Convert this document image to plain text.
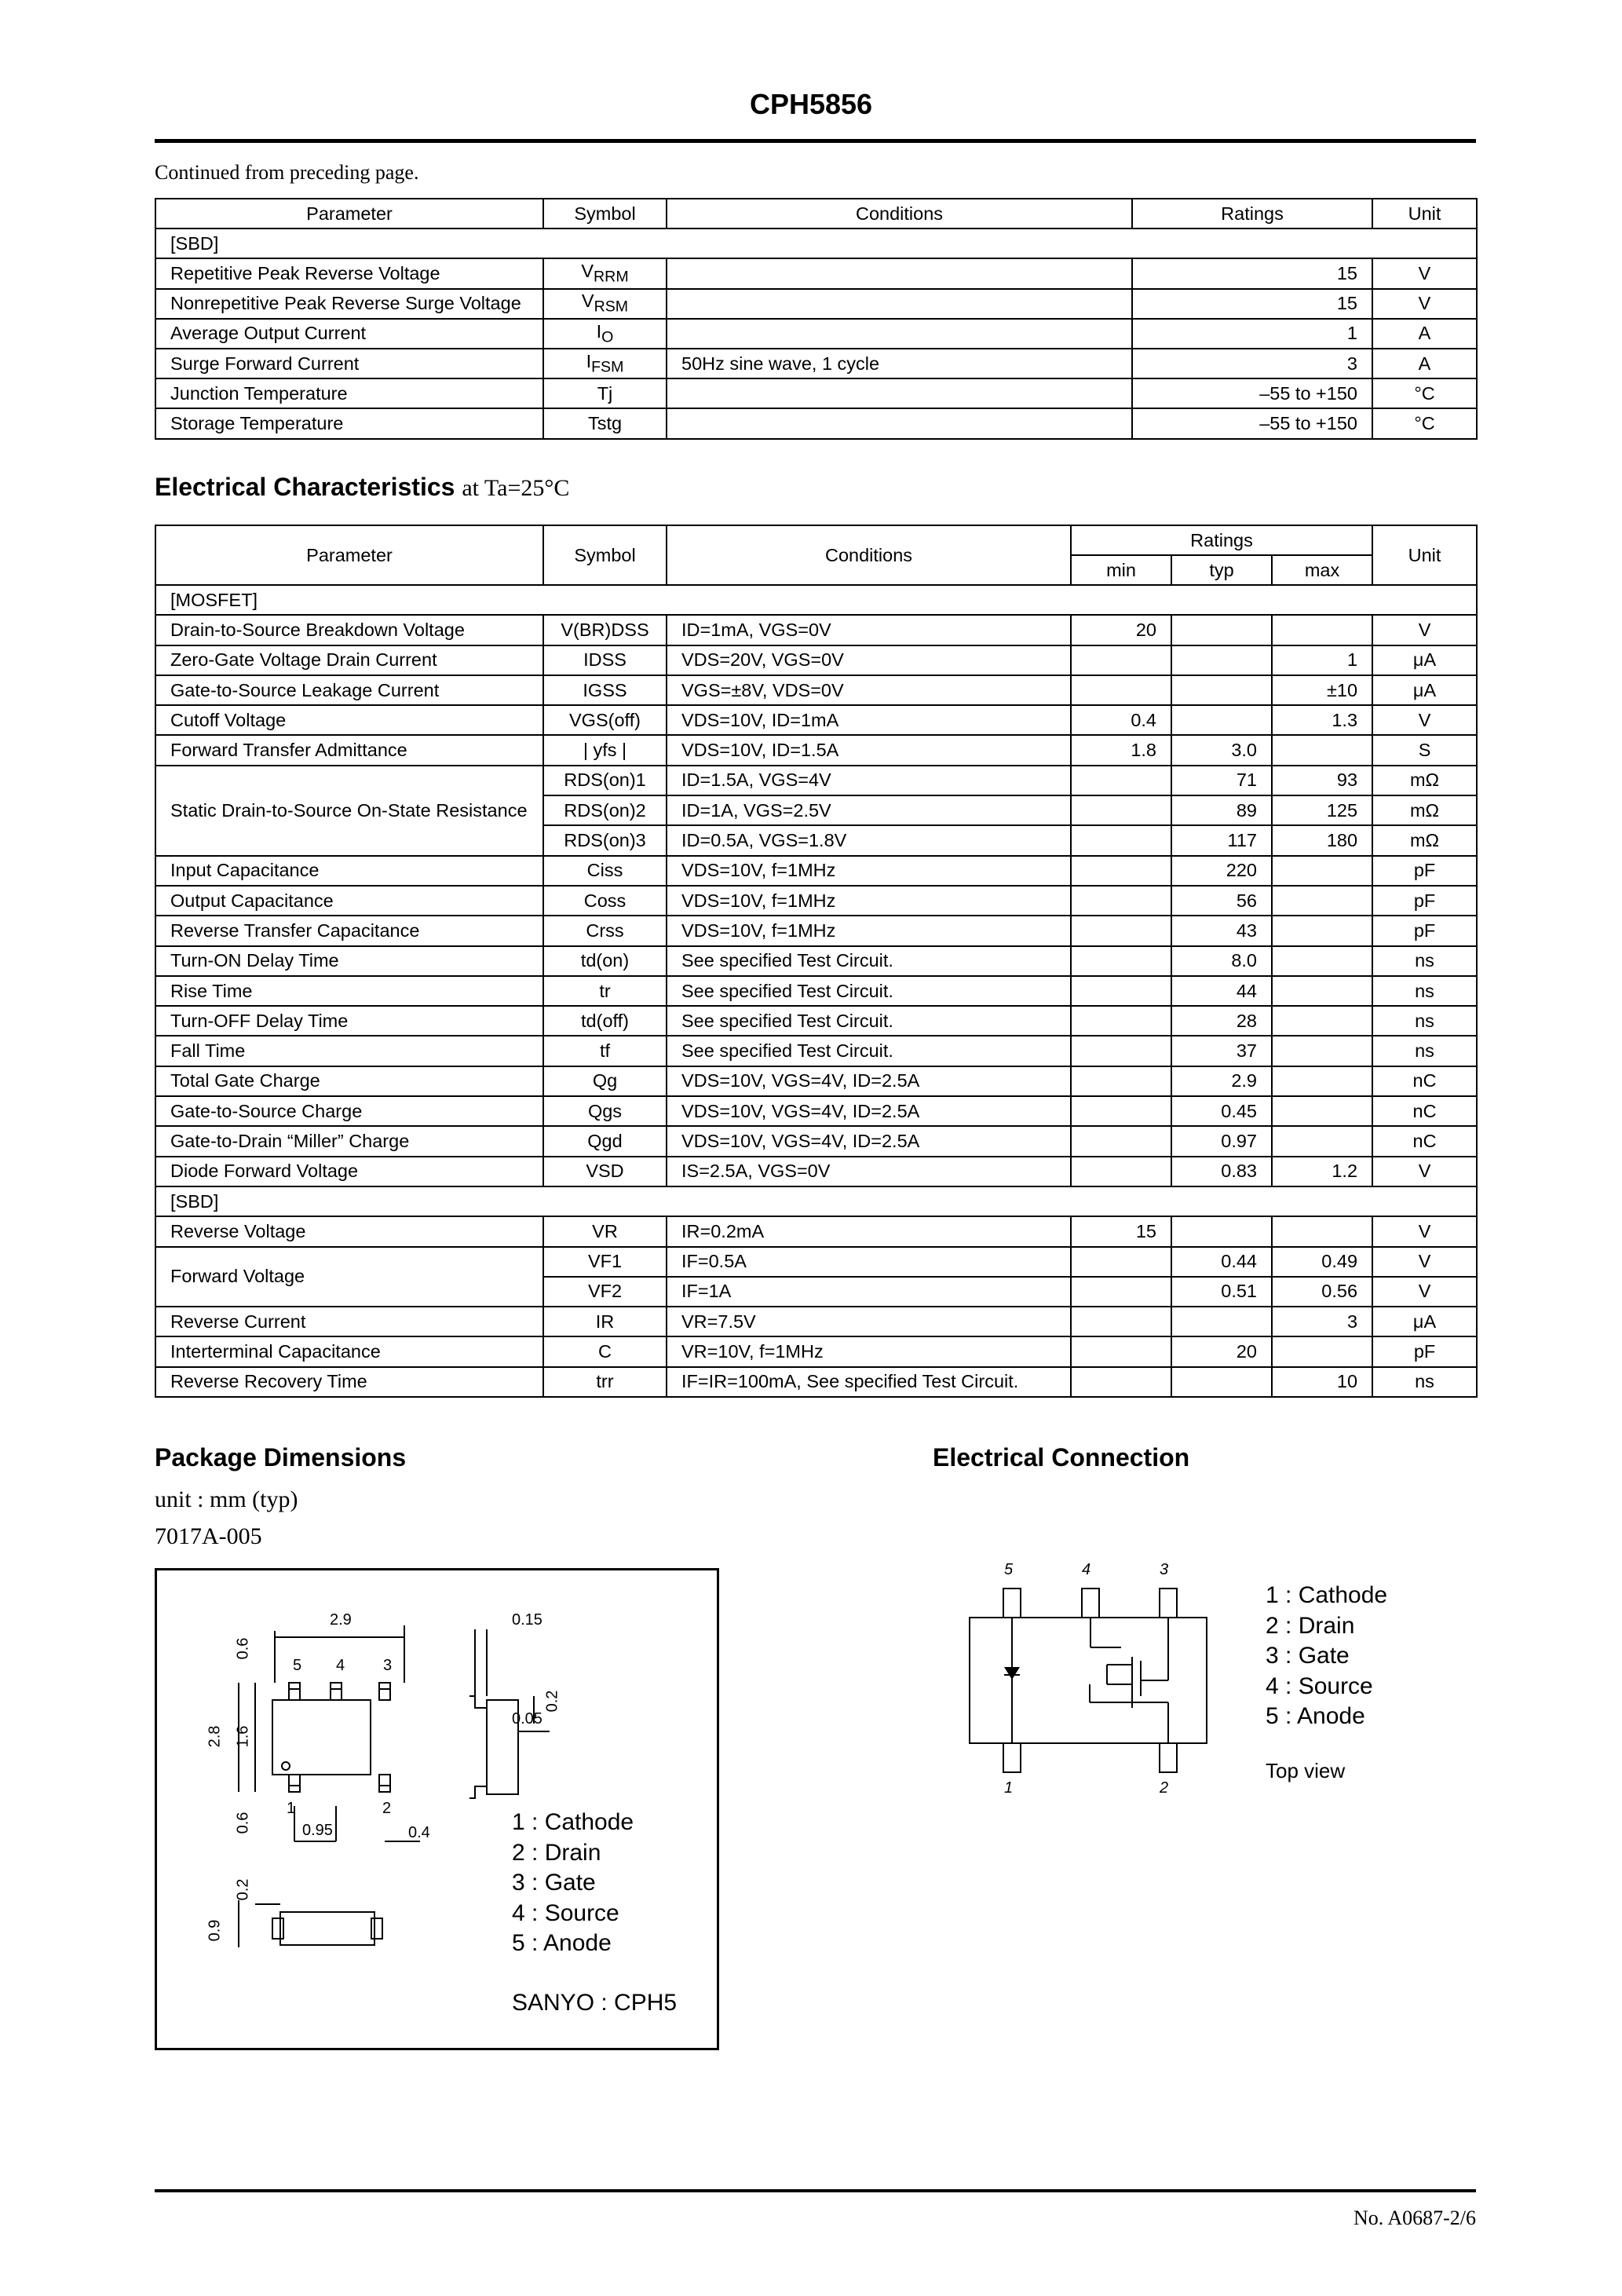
CPH5856
Continued from preceding page.
Parameter	Symbol	Conditions	Ratings	Unit
[SBD]				
Repetitive Peak Reverse Voltage	$V_{RRM}$		15	V
Nonrepetitive Peak Reverse Surge Voltage	$V_{RSM}$		15	V
Average Output Current	$I_O$		1	A
Surge Forward Current	$I_{FSM}$	50Hz sine wave, 1 cycle	3	A
Junction Temperature	Tj		–55 to +150	°C
Storage Temperature	Tstg		–55 to +150	°C
Electrical Characteristics at Ta=25°C
Parameter	Symbol	Conditions	Ratings			Unit
			min	typ	max	
[MOSFET]						
Drain-to-Source Breakdown Voltage	V(BR)DSS	ID=1mA, VGS=0V	20			V
Zero-Gate Voltage Drain Current	IDSS	VDS=20V, VGS=0V			1	μA
Gate-to-Source Leakage Current	IGSS	VGS=±8V, VDS=0V			±10	μA
Cutoff Voltage	VGS(off)	VDS=10V, ID=1mA	0.4		1.3	V
Forward Transfer Admittance	| yfs |	VDS=10V, ID=1.5A	1.8	3.0		S
Static Drain-to-Source On-State Resistance	RDS(on)1	ID=1.5A, VGS=4V		71	93	mΩ
	RDS(on)2	ID=1A, VGS=2.5V		89	125	mΩ
	RDS(on)3	ID=0.5A, VGS=1.8V		117	180	mΩ
Input Capacitance	Ciss	VDS=10V, f=1MHz		220		pF
Output Capacitance	Coss	VDS=10V, f=1MHz		56		pF
Reverse Transfer Capacitance	Crss	VDS=10V, f=1MHz		43		pF
Turn-ON Delay Time	td(on)	See specified Test Circuit.		8.0		ns
Rise Time	tr	See specified Test Circuit.		44		ns
Turn-OFF Delay Time	td(off)	See specified Test Circuit.		28		ns
Fall Time	tf	See specified Test Circuit.		37		ns
Total Gate Charge	Qg	VDS=10V, VGS=4V, ID=2.5A		2.9		nC
Gate-to-Source Charge	Qgs	VDS=10V, VGS=4V, ID=2.5A		0.45		nC
Gate-to-Drain “Miller” Charge	Qgd	VDS=10V, VGS=4V, ID=2.5A		0.97		nC
Diode Forward Voltage	VSD	IS=2.5A, VGS=0V		0.83	1.2	V
[SBD]						
Reverse Voltage	VR	IR=0.2mA	15			V
Forward Voltage	VF1	IF=0.5A		0.44	0.49	V
	VF2	IF=1A		0.51	0.56	V
Reverse Current	IR	VR=7.5V			3	μA
Interterminal Capacitance	C	VR=10V, f=1MHz		20		pF
Reverse Recovery Time	trr	IF=IR=100mA, See specified Test Circuit.			10	ns
Package Dimensions
unit : mm (typ)
7017A-005
2.9
0.6
2.8 1.6
0.6	0.95	0.4
0.15
0.2
0.05
0.2
0.9
5 4 3
1	2
1 : Cathode
2 : Drain
3 : Gate
4 : Source
5 : Anode
SANYO : CPH5
Electrical Connection
5	4	3
1	2
1 : Cathode
2 : Drain
3 : Gate
4 : Source
5 : Anode
Top view
No. A0687-2/6
